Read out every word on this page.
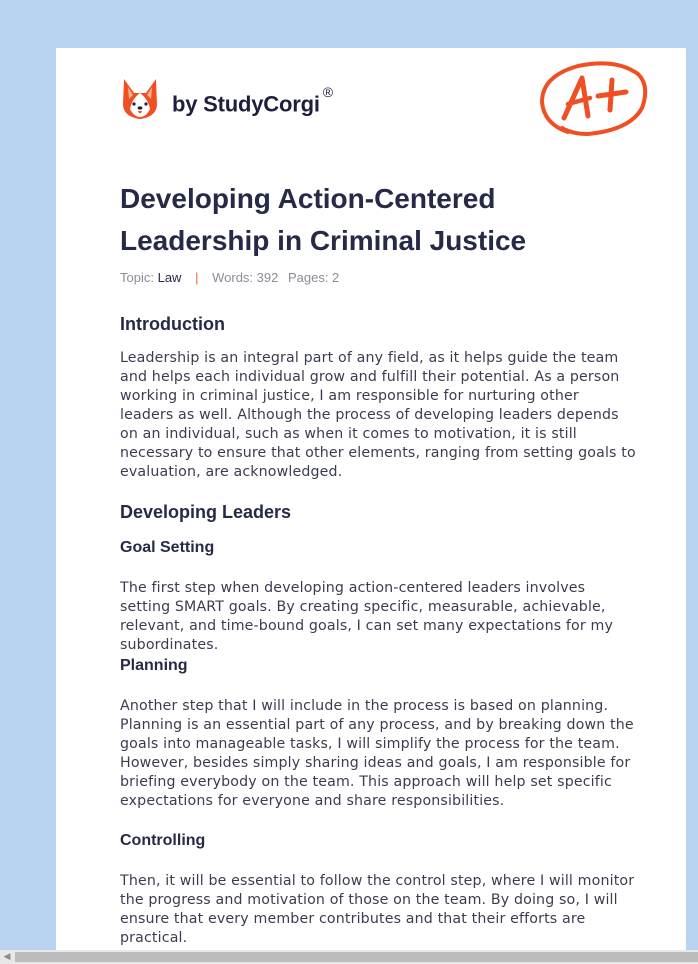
by StudyCorgi ®
Developing Action-Centered Leadership in Criminal Justice
Topic: Law | Words: 392 Pages: 2
Introduction

Leadership is an integral part of any field, as it helps guide the team and helps each individual grow and fulfill their potential. As a person working in criminal justice, I am responsible for nurturing other leaders as well. Although the process of developing leaders depends on an individual, such as when it comes to motivation, it is still necessary to ensure that other elements, ranging from setting goals to evaluation, are acknowledged.

Developing Leaders
Goal Setting

The first step when developing action-centered leaders involves setting SMART goals. By creating specific, measurable, achievable, relevant, and time-bound goals, I can set many expectations for my subordinates.

Planning

Another step that I will include in the process is based on planning. Planning is an essential part of any process, and by breaking down the goals into manageable tasks, I will simplify the process for the team. However, besides simply sharing ideas and goals, I am responsible for briefing everybody on the team. This approach will help set specific expectations for everyone and share responsibilities.

Controlling

Then, it will be essential to follow the control step, where I will monitor the progress and motivation of those on the team. By doing so, I will ensure that every member contributes and that their efforts are practical.

◀
